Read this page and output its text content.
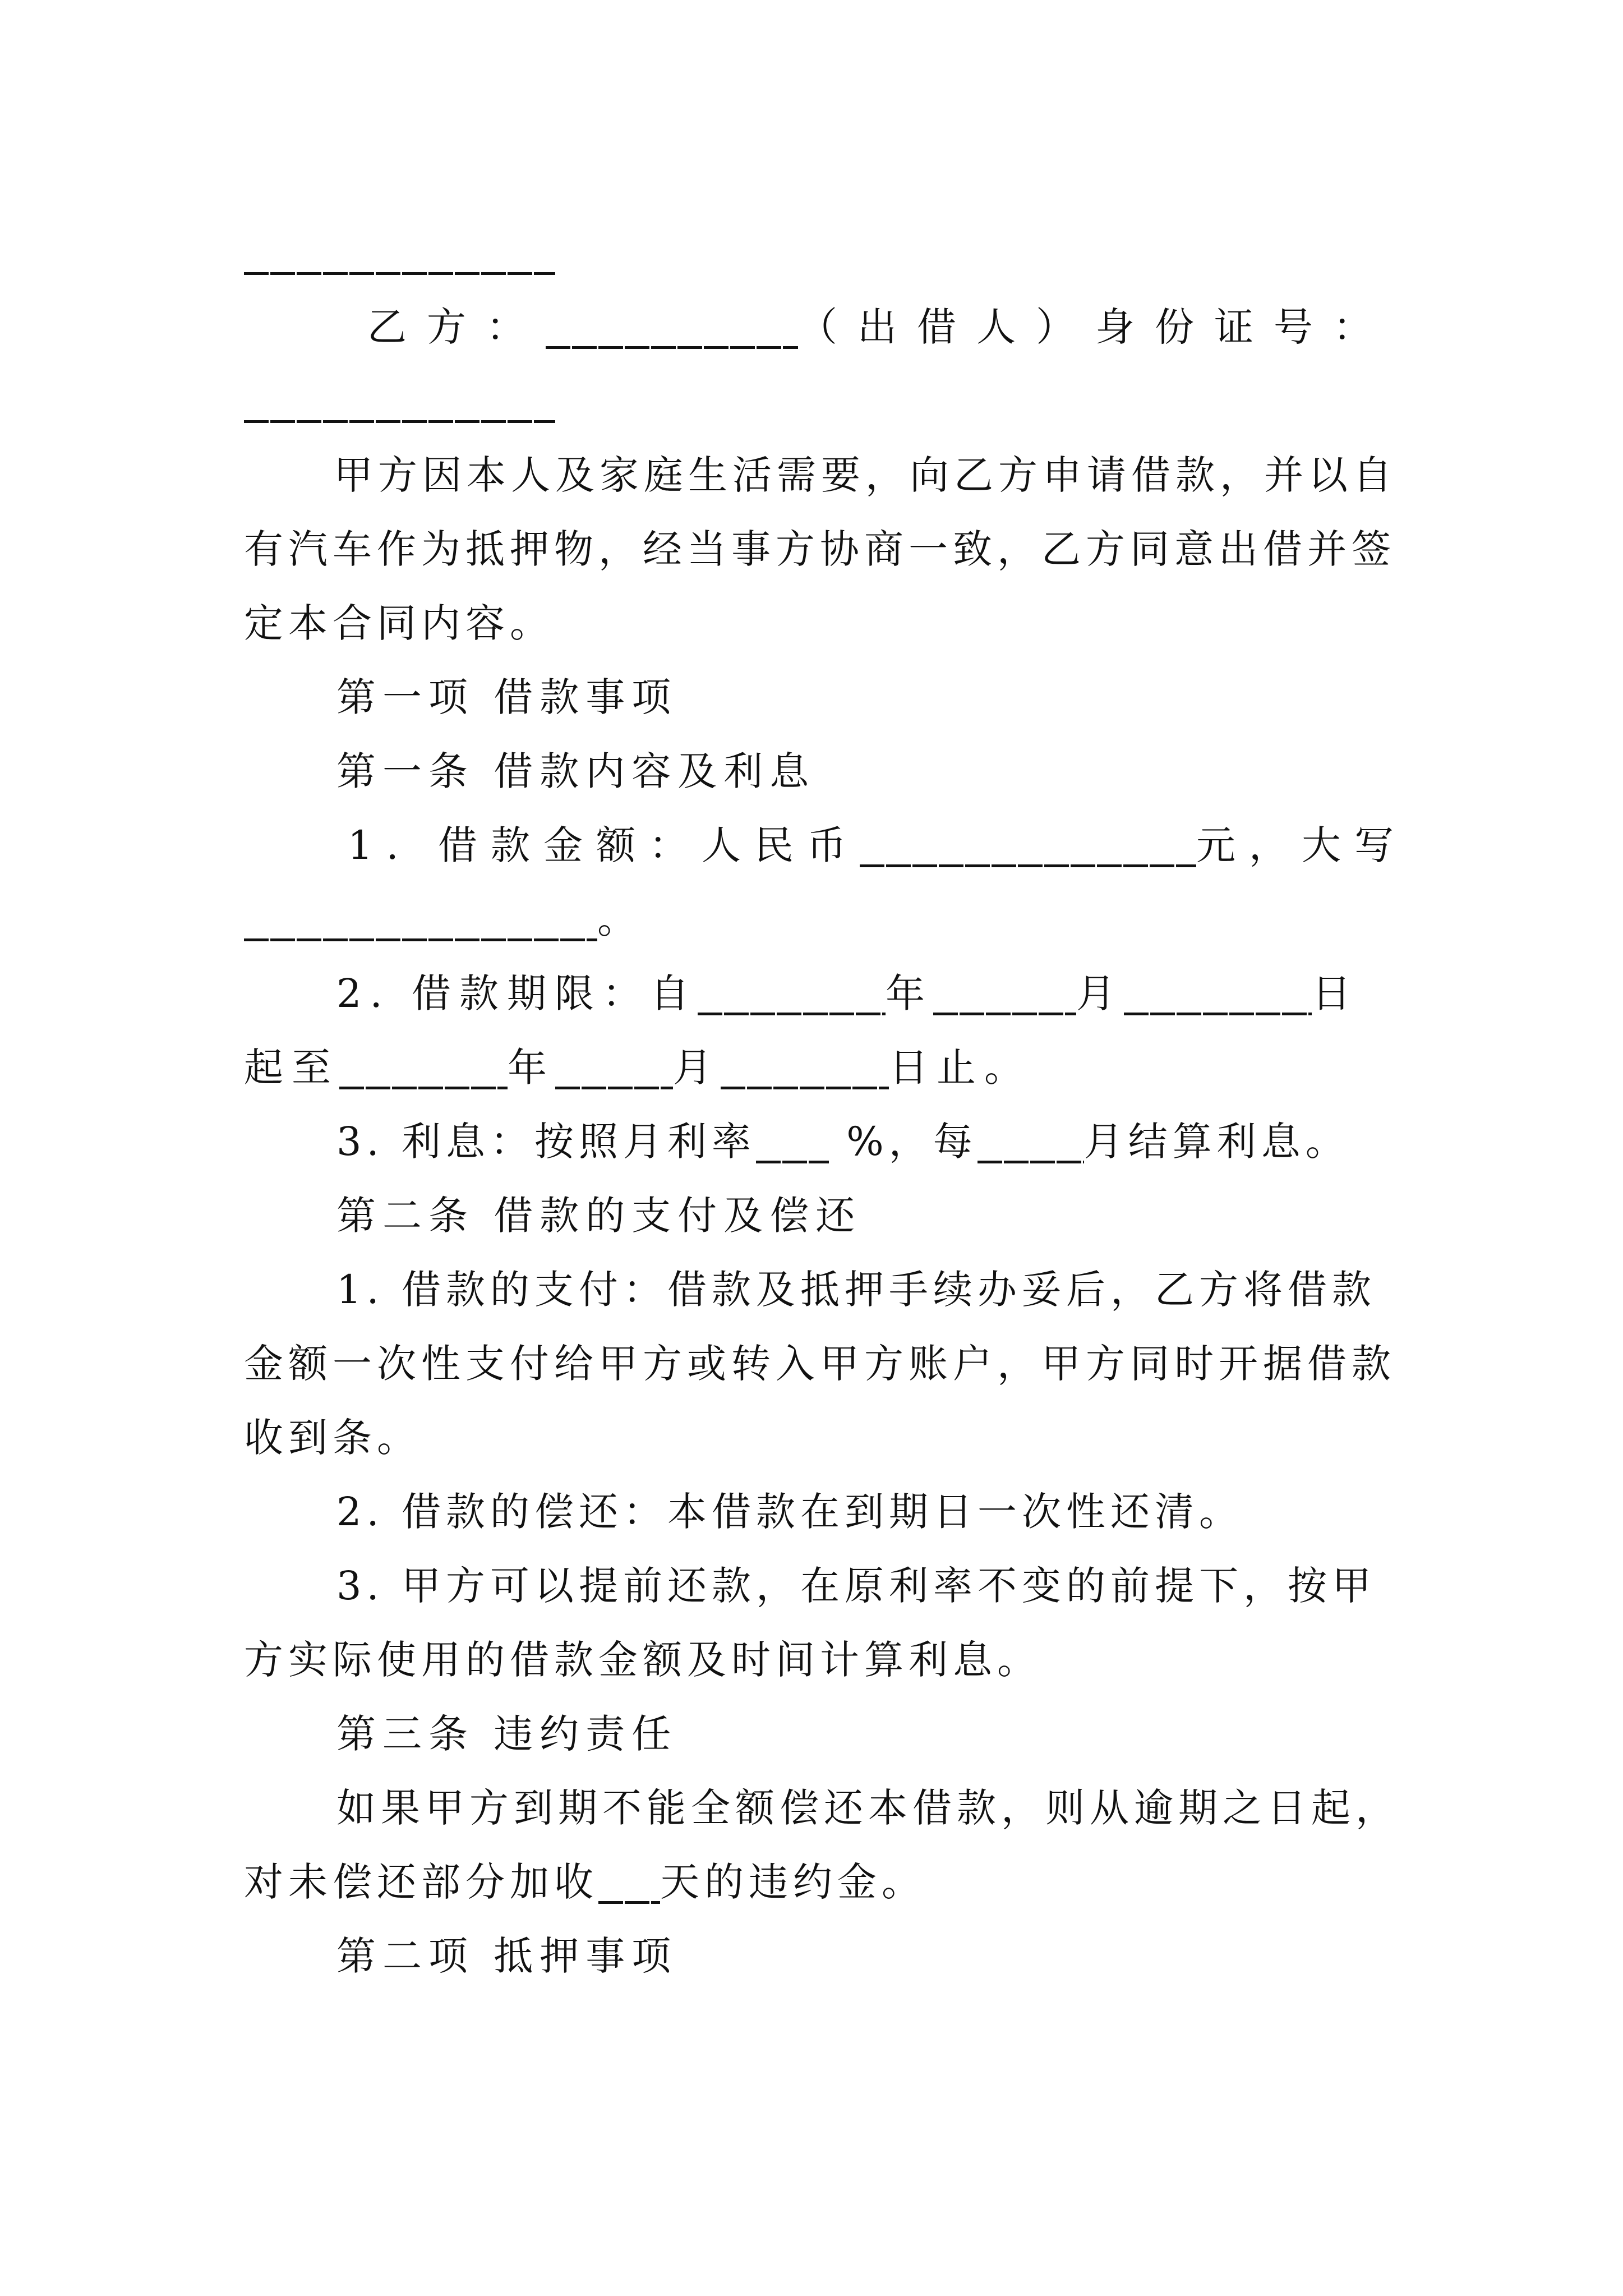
乙方：	（出借人）身份证号：
甲方因本人及家庭生活需要，向乙方申请借款，并以自
有汽车作为抵押物，经当事方协商一致，乙方同意出借并签
定本合同内容。
第一项 借款事项
第一条 借款内容及利息
1. 借款金额：人民币	元，大写
。
2. 借款期限：自	年	月	日
起至	年	月	日止。
3. 利息：按照月利率 %，每	月结算利息。
第二条 借款的支付及偿还
1. 借款的支付：借款及抵押手续办妥后，乙方将借款
金额一次性支付给甲方或转入甲方账户，甲方同时开据借款
收到条。
2. 借款的偿还：本借款在到期日一次性还清。
3. 甲方可以提前还款，在原利率不变的前提下，按甲
方实际使用的借款金额及时间计算利息。
第三条 违约责任
如果甲方到期不能全额偿还本借款，则从逾期之日起，
对未偿还部分加收 天的违约金。
第二项 抵押事项
